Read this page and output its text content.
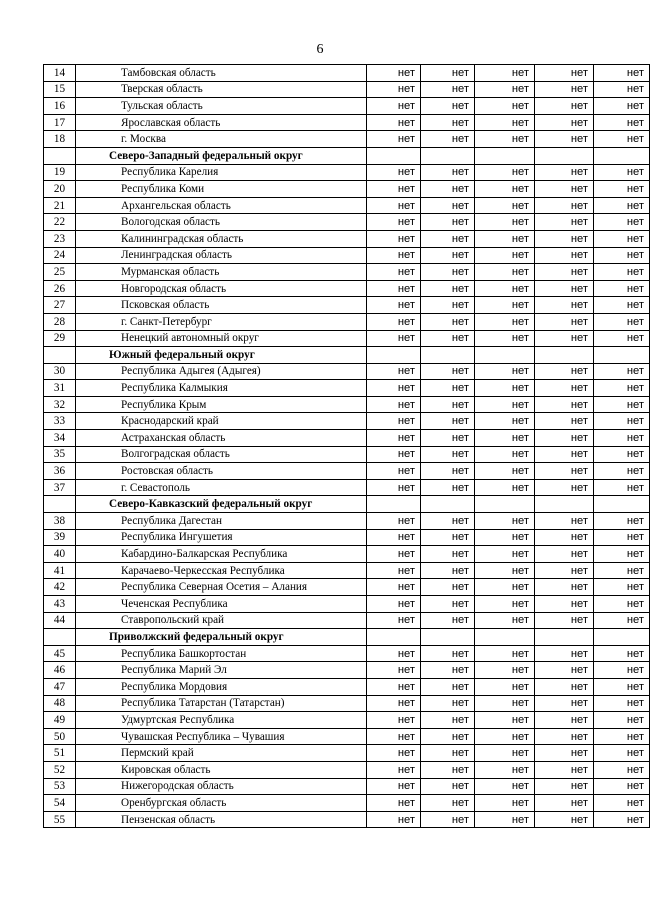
6
14	Тамбовская область	нет	нет	нет	нет	нет
15	Тверская область	нет	нет	нет	нет	нет
16	Тульская область	нет	нет	нет	нет	нет
17	Ярославская область	нет	нет	нет	нет	нет
18	г. Москва	нет	нет	нет	нет	нет
	Северо-Западный федеральный округ					
19	Республика Карелия	нет	нет	нет	нет	нет
20	Республика Коми	нет	нет	нет	нет	нет
21	Архангельская область	нет	нет	нет	нет	нет
22	Вологодская область	нет	нет	нет	нет	нет
23	Калининградская область	нет	нет	нет	нет	нет
24	Ленинградская область	нет	нет	нет	нет	нет
25	Мурманская область	нет	нет	нет	нет	нет
26	Новгородская область	нет	нет	нет	нет	нет
27	Псковская область	нет	нет	нет	нет	нет
28	г. Санкт-Петербург	нет	нет	нет	нет	нет
29	Ненецкий автономный округ	нет	нет	нет	нет	нет
	Южный федеральный округ					
30	Республика Адыгея (Адыгея)	нет	нет	нет	нет	нет
31	Республика Калмыкия	нет	нет	нет	нет	нет
32	Республика Крым	нет	нет	нет	нет	нет
33	Краснодарский край	нет	нет	нет	нет	нет
34	Астраханская область	нет	нет	нет	нет	нет
35	Волгоградская область	нет	нет	нет	нет	нет
36	Ростовская область	нет	нет	нет	нет	нет
37	г. Севастополь	нет	нет	нет	нет	нет
	Северо-Кавказский федеральный округ					
38	Республика Дагестан	нет	нет	нет	нет	нет
39	Республика Ингушетия	нет	нет	нет	нет	нет
40	Кабардино-Балкарская Республика	нет	нет	нет	нет	нет
41	Карачаево-Черкесская Республика	нет	нет	нет	нет	нет
42	Республика Северная Осетия – Алания	нет	нет	нет	нет	нет
43	Чеченская Республика	нет	нет	нет	нет	нет
44	Ставропольский край	нет	нет	нет	нет	нет
	Приволжский федеральный округ					
45	Республика Башкортостан	нет	нет	нет	нет	нет
46	Республика Марий Эл	нет	нет	нет	нет	нет
47	Республика Мордовия	нет	нет	нет	нет	нет
48	Республика Татарстан (Татарстан)	нет	нет	нет	нет	нет
49	Удмуртская Республика	нет	нет	нет	нет	нет
50	Чувашская Республика – Чувашия	нет	нет	нет	нет	нет
51	Пермский край	нет	нет	нет	нет	нет
52	Кировская область	нет	нет	нет	нет	нет
53	Нижегородская область	нет	нет	нет	нет	нет
54	Оренбургская область	нет	нет	нет	нет	нет
55	Пензенская область	нет	нет	нет	нет	нет
